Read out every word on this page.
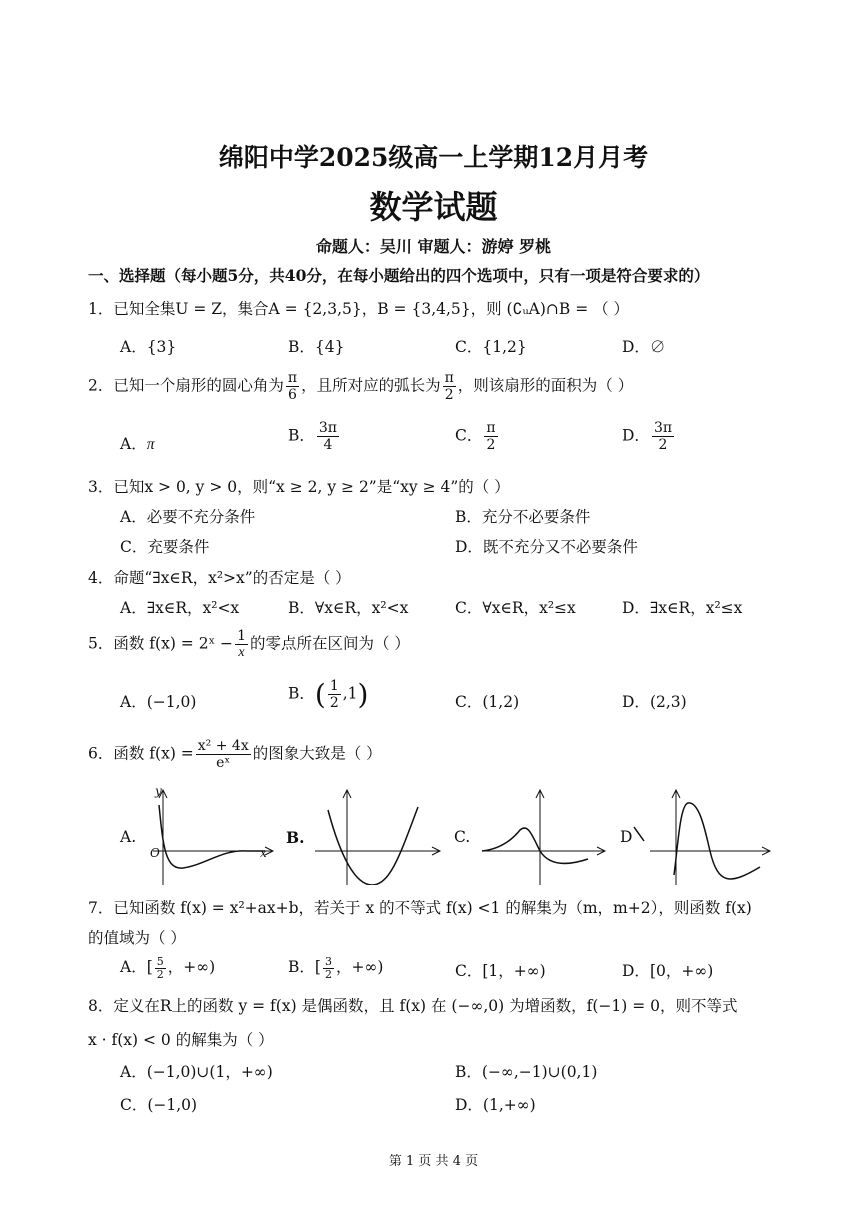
绵阳中学2025级高一上学期12月月考
数学试题
命题人：吴川 审题人：游婷 罗桃
一、选择题（每小题5分，共40分，在每小题给出的四个选项中，只有一项是符合要求的）
1．已知全集U = Z，集合A = {2,3,5}，B = {3,4,5}，则 (∁ᵤA)∩B = （ ）
A．{3}	B．{4}	C．{1,2}	D．∅
2．已知一个扇形的圆心角为 $\frac{\pi}{6}$ ，且所对应的弧长为 $\frac{\pi}{2}$ ，则该扇形的面积为（ ）
A．π	B． $\frac{3\pi}{4}$	C． $\frac{\pi}{2}$	D． $\frac{3\pi}{2}$
3．已知x > 0, y > 0，则“x ≥ 2, y ≥ 2”是“xy ≥ 4”的（ ）
A．必要不充分条件	B．充分不必要条件
C．充要条件	D．既不充分又不必要条件
4．命题“∃x∈R，x²>x”的否定是（ ）
A．∃x∈R，x²<x	B．∀x∈R，x²<x	C．∀x∈R，x²≤x	D．∃x∈R，x²≤x
5．函数 f(x) = 2ˣ − $\frac{1}{x}$ 的零点所在区间为（ ）
A．(−1,0)	B．( $\frac{1}{2} ,1$)	C．(1,2)	D．(2,3)
6．函数 $f(x) = \frac{\text{x² + 4x}}{\text{eˣ}}$ 的图象大致是（ ）
A.	B.	C.	D
y
O	x
7．已知函数 f(x) = x²+ax+b，若关于 x 的不等式 f(x) <1 的解集为（m，m+2），则函数 f(x)
的值域为（ ）
A．[ $\frac{5}{2}$ ，+∞)	B．[ $\frac{3}{2}$ ，+∞)	C．[1，+∞)	D．[0，+∞)
8．定义在R上的函数 y = f(x) 是偶函数，且 f(x) 在 (−∞,0) 为增函数，f(−1) = 0，则不等式
x · f(x) < 0 的解集为（ ）
A．(−1,0)∪(1，+∞)	B．(−∞,−1)∪(0,1)
C．(−1,0)	D．(1,+∞)
第 1 页 共 4 页
